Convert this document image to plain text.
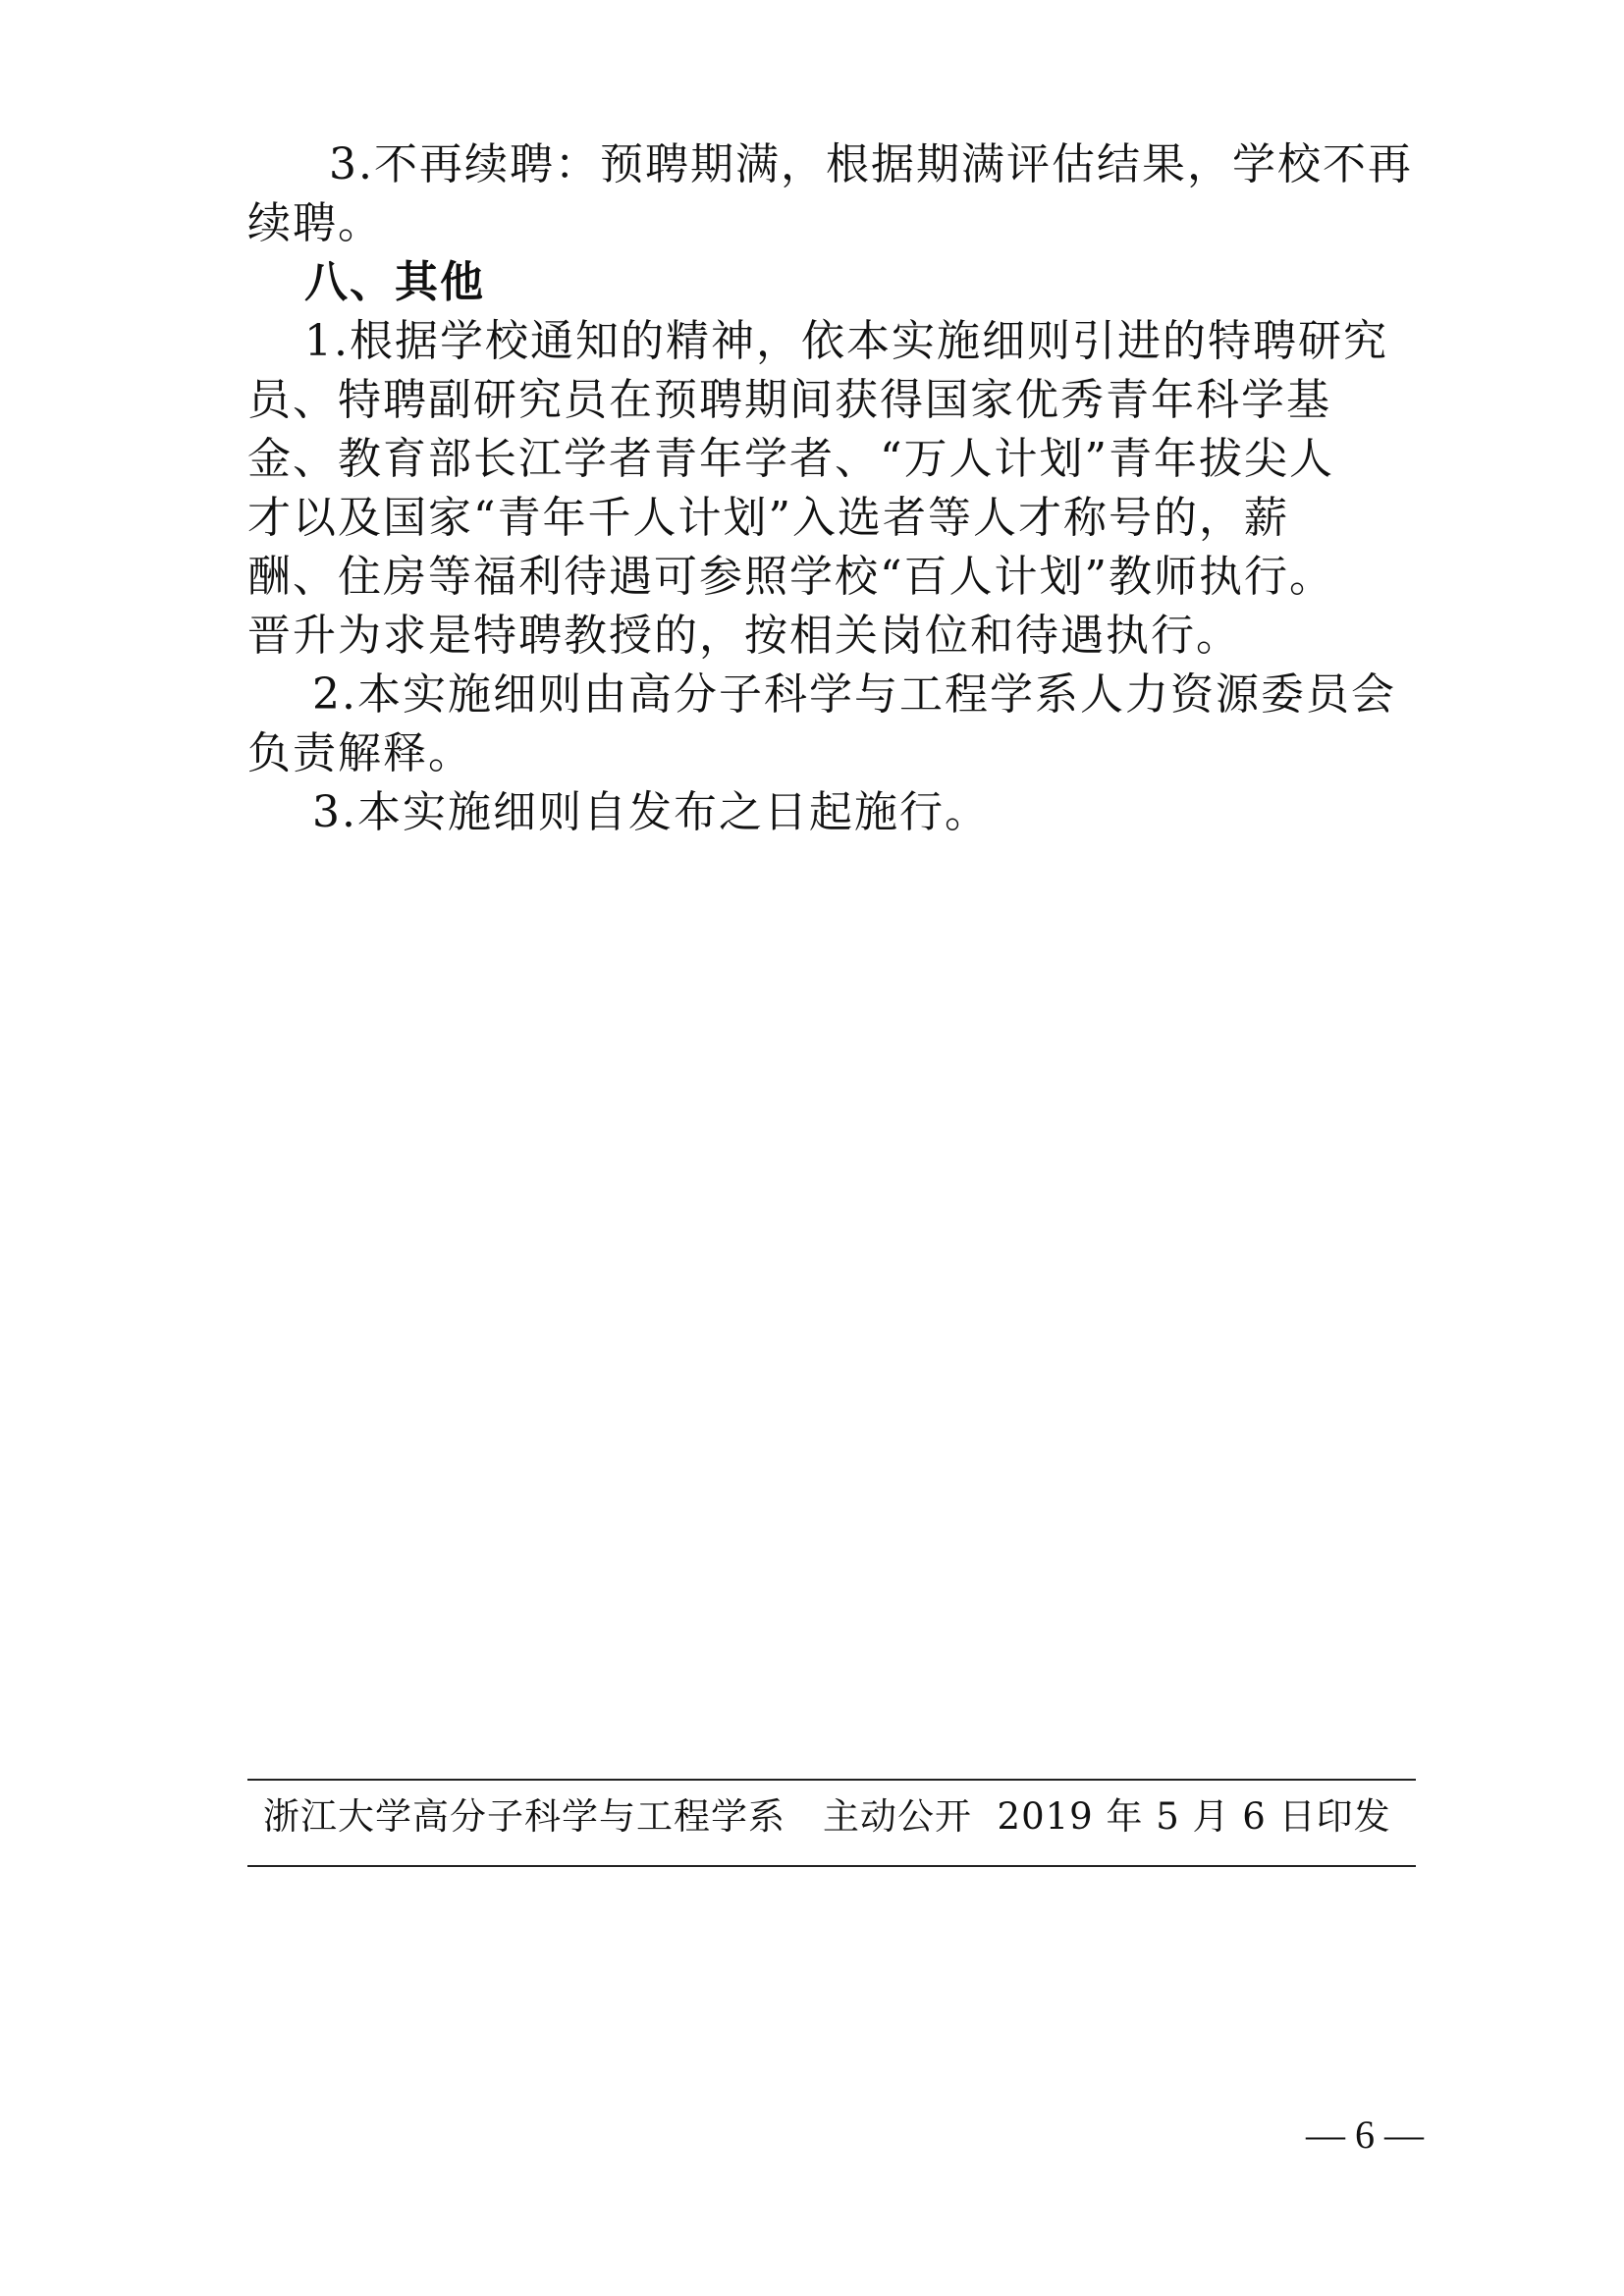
3.不再续聘：预聘期满，根据期满评估结果，学校不再
续聘。
八、其他
1.根据学校通知的精神，依本实施细则引进的特聘研究
员、特聘副研究员在预聘期间获得国家优秀青年科学基
金、教育部长江学者青年学者、“万人计划”青年拔尖人
才以及国家“青年千人计划”入选者等人才称号的，薪
酬、住房等福利待遇可参照学校“百人计划”教师执行。
晋升为求是特聘教授的，按相关岗位和待遇执行。
2.本实施细则由高分子科学与工程学系人力资源委员会
负责解释。
3.本实施细则自发布之日起施行。
浙江大学高分子科学与工程学系 主动公开 2019 年 5 月 6 日印发
— 6 —
